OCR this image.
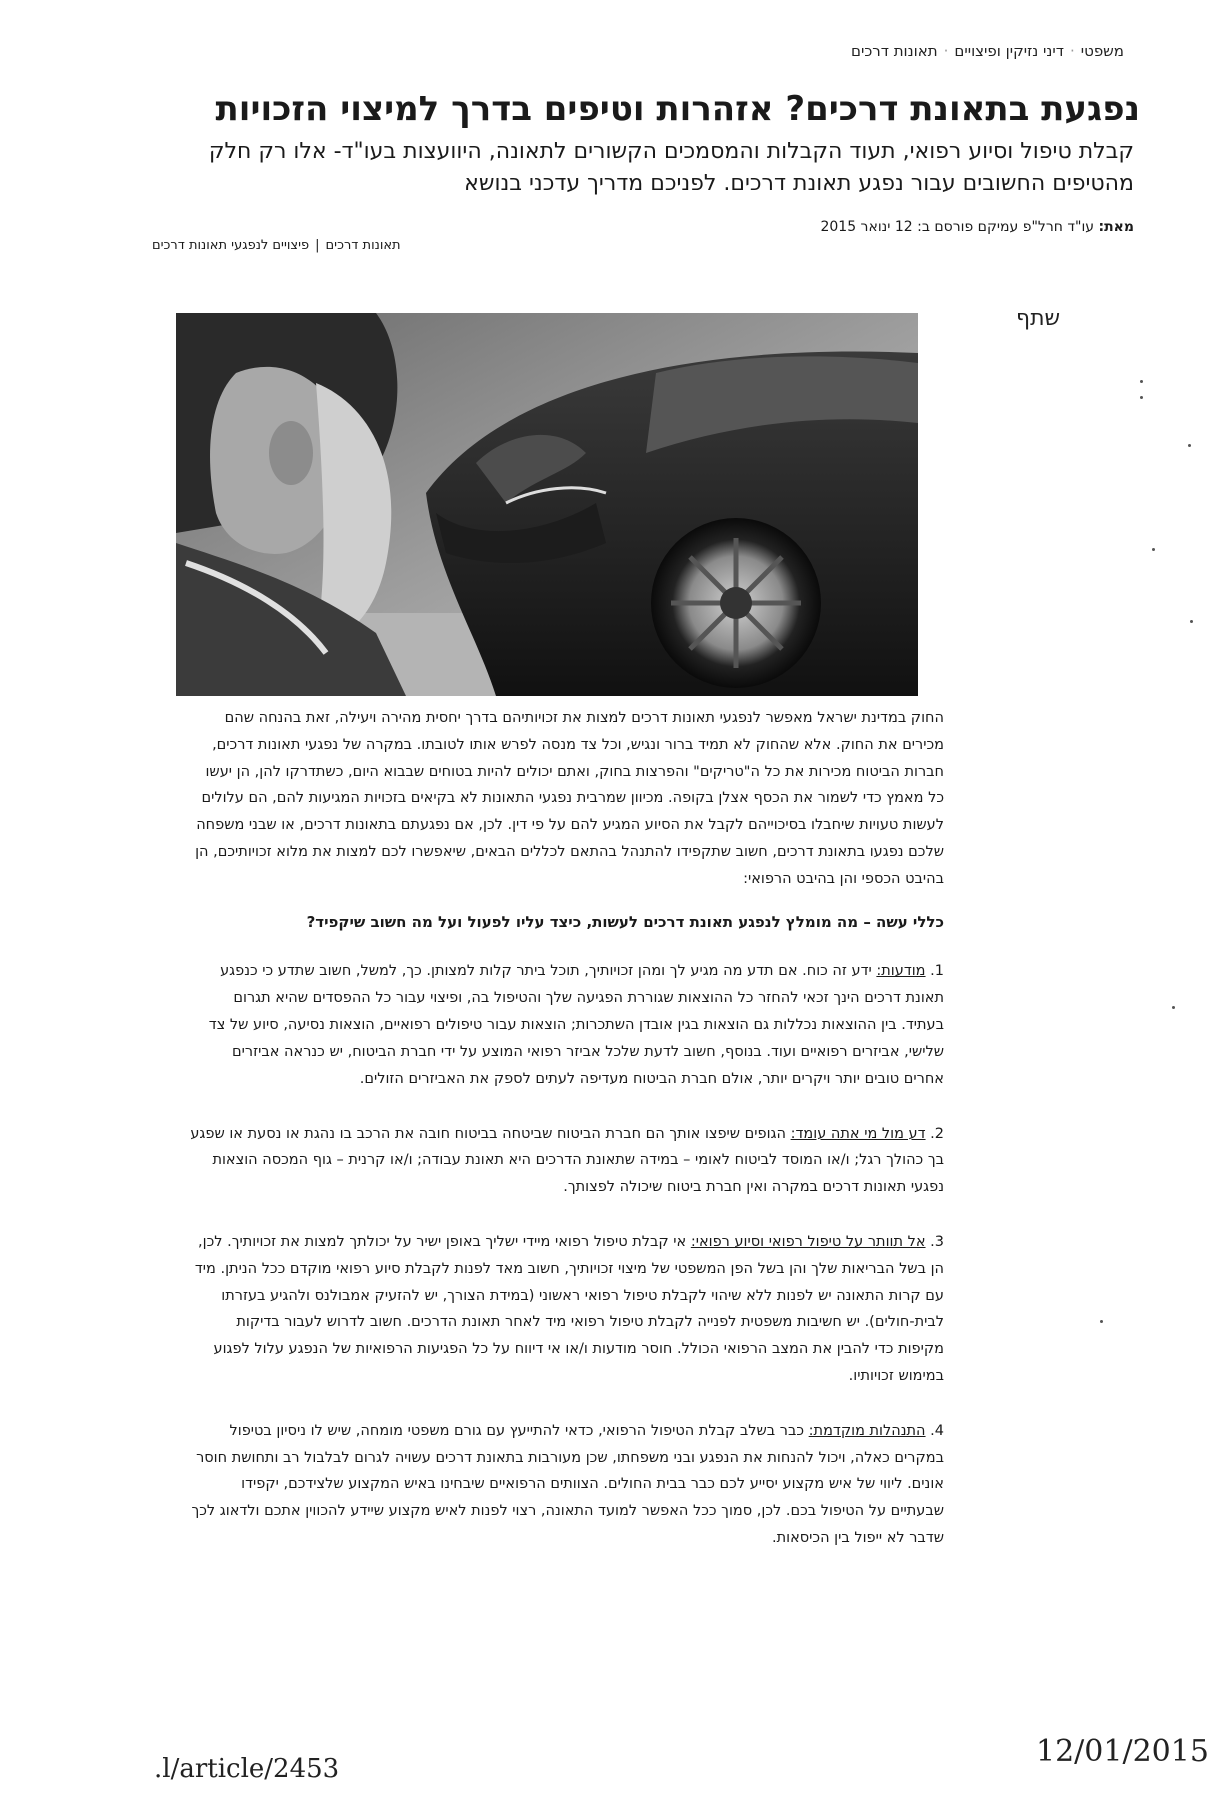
משפטי·דיני נזיקין ופיצויים·תאונות דרכים
נפגעת בתאונת דרכים? אזהרות וטיפים בדרך למיצוי הזכויות

קבלת טיפול וסיוע רפואי, תעוד הקבלות והמסמכים הקשורים לתאונה, היוועצות בעו"ד- אלו רק חלק מהטיפים החשובים עבור נפגע תאונת דרכים. לפניכם מדריך עדכני בנושא

מאת: עו"ד חרל"פ עמיקם פורסם ב: 12 ינואר 2015
תאונות דרכים|פיצויים לנפגעי תאונות דרכים
שתף

החוק במדינת ישראל מאפשר לנפגעי תאונות דרכים למצות את זכויותיהם בדרך יחסית מהירה ויעילה, זאת בהנחה שהם מכירים את החוק. אלא שהחוק לא תמיד ברור ונגיש, וכל צד מנסה לפרש אותו לטובתו. במקרה של נפגעי תאונות דרכים, חברות הביטוח מכירות את כל ה"טריקים" והפרצות בחוק, ואתם יכולים להיות בטוחים שבבוא היום, כשתדרקו להן, הן יעשו כל מאמץ כדי לשמור את הכסף אצלן בקופה. מכיוון שמרבית נפגעי התאונות לא בקיאים בזכויות המגיעות להם, הם עלולים לעשות טעויות שיחבלו בסיכוייהם לקבל את הסיוע המגיע להם על פי דין. לכן, אם נפגעתם בתאונות דרכים, או שבני משפחה שלכם נפגעו בתאונת דרכים, חשוב שתקפידו להתנהל בהתאם לכללים הבאים, שיאפשרו לכם למצות את מלוא זכויותיכם, הן בהיבט הכספי והן בהיבט הרפואי:

כללי עשה – מה מומלץ לנפגע תאונת דרכים לעשות, כיצד עליו לפעול ועל מה חשוב שיקפיד?

1. מודעות: ידע זה כוח. אם תדע מה מגיע לך ומהן זכויותיך, תוכל ביתר קלות למצותן. כך, למשל, חשוב שתדע כי כנפגע תאונת דרכים הינך זכאי להחזר כל ההוצאות שגוררת הפגיעה שלך והטיפול בה, ופיצוי עבור כל ההפסדים שהיא תגרום בעתיד. בין ההוצאות נכללות גם הוצאות בגין אובדן השתכרות; הוצאות עבור טיפולים רפואיים, הוצאות נסיעה, סיוע של צד שלישי, אביזרים רפואיים ועוד. בנוסף, חשוב לדעת שלכל אביזר רפואי המוצע על ידי חברת הביטוח, יש כנראה אביזרים אחרים טובים יותר ויקרים יותר, אולם חברת הביטוח מעדיפה לעתים לספק את האביזרים הזולים.
2. דע מול מי אתה עומד: הגופים שיפצו אותך הם חברת הביטוח שביטחה בביטוח חובה את הרכב בו נהגת או נסעת או שפגע בך כהולך רגל; ו/או המוסד לביטוח לאומי – במידה שתאונת הדרכים היא תאונת עבודה; ו/או קרנית – גוף המכסה הוצאות נפגעי תאונות דרכים במקרה ואין חברת ביטוח שיכולה לפצותך.
3. אל תוותר על טיפול רפואי וסיוע רפואי: אי קבלת טיפול רפואי מיידי ישליך באופן ישיר על יכולתך למצות את זכויותיך. לכן, הן בשל הבריאות שלך והן בשל הפן המשפטי של מיצוי זכויותיך, חשוב מאד לפנות לקבלת סיוע רפואי מוקדם ככל הניתן. מיד עם קרות התאונה יש לפנות ללא שיהוי לקבלת טיפול רפואי ראשוני (במידת הצורך, יש להזעיק אמבולנס ולהגיע בעזרתו לבית-חולים). יש חשיבות משפטית לפנייה לקבלת טיפול רפואי מיד לאחר תאונת הדרכים. חשוב לדרוש לעבור בדיקות מקיפות כדי להבין את המצב הרפואי הכולל. חוסר מודעות ו/או אי דיווח על כל הפגיעות הרפואיות של הנפגע עלול לפגוע במימוש זכויותיו.
4. התנהלות מוקדמת: כבר בשלב קבלת הטיפול הרפואי, כדאי להתייעץ עם גורם משפטי מומחה, שיש לו ניסיון בטיפול במקרים כאלה, ויכול להנחות את הנפגע ובני משפחתו, שכן מעורבות בתאונת דרכים עשויה לגרום לבלבול רב ותחושת חוסר אונים. ליווי של איש מקצוע יסייע לכם כבר בבית החולים. הצוותים הרפואיים שיבחינו באיש המקצוע שלצידכם, יקפידו שבעתיים על הטיפול בכם. לכן, סמוך ככל האפשר למועד התאונה, רצוי לפנות לאיש מקצוע שיידע להכווין אתכם ולדאוג לכך שדבר לא ייפול בין הכיסאות.
.l/article/2453	12/01/2015
